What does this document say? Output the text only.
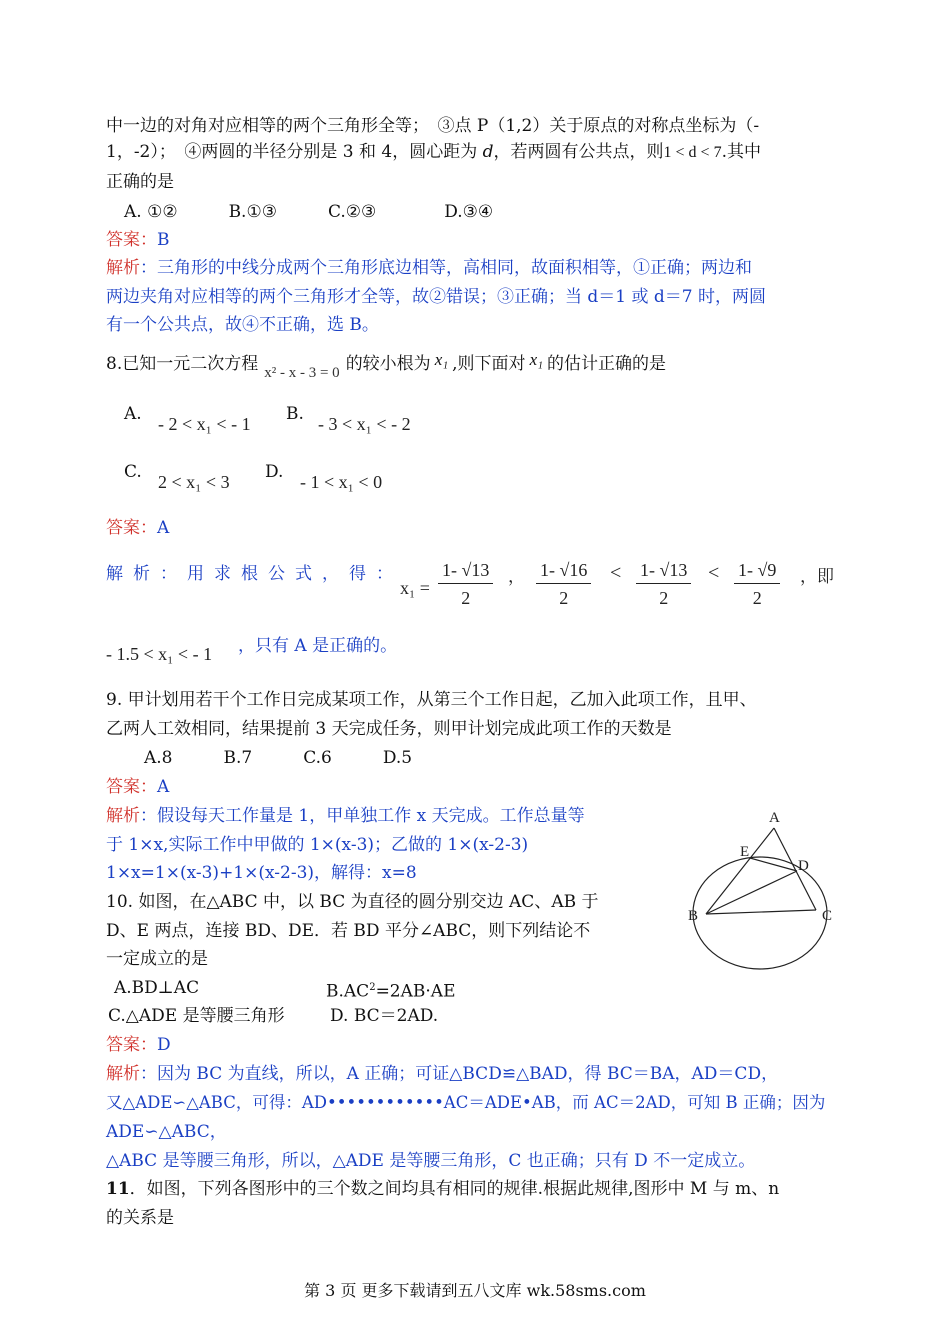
中一边的对角对应相等的两个三角形全等；　③点 P（1,2）关于原点的对称点坐标为（-
1，-2）；　④两圆的半径分别是 3 和 4，圆心距为 d，若两圆有公共点，则1 < d < 7.其中
正确的是
A. ①②　　　B.①③　　　C.②③　　　　D.③④
答案：B
解析：三角形的中线分成两个三角形底边相等，高相同，故面积相等，①正确；两边和
两边夹角对应相等的两个三角形才全等，故②错误；③正确；当 d＝1 或 d＝7 时，两圆
有一个公共点，故④不正确，选 B。
8.已知一元二次方程 x² - x - 3 = 0 的较小根为 x₁ ,则下面对 x₁ 的估计正确的是
A. - 2 < x₁ < - 1 B. - 3 < x₁ < - 2
C. 2 < x₁ < 3 D. - 1 < x₁ < 0
答案：A
解析：用求根公式，得：
$x_1 = \frac{1- √13}{2}$ ， $\frac{1- √16}{2} < \frac{1- √13}{2} < \frac{1- √9}{2}$ ，即
- 1.5 < x₁ < - 1 ，只有 A 是正确的。
9. 甲计划用若干个工作日完成某项工作，从第三个工作日起，乙加入此项工作，且甲、
乙两人工效相同，结果提前 3 天完成任务，则甲计划完成此项工作的天数是
A.8　　　B.7　　　C.6　　　D.5
答案：A
解析：假设每天工作量是 1，甲单独工作 x 天完成。工作总量等
于 1×x,实际工作中甲做的 1×(x-3)；乙做的 1×(x-2-3)
1×x=1×(x-3)+1×(x-2-3)，解得：x=8
10. 如图，在△ABC 中，以 BC 为直径的圆分别交边 AC、AB 于
D、E 两点，连接 BD、DE．若 BD 平分∠ABC，则下列结论不
一定成立的是
A.BD⊥AC	$B.AC^2=2AB\cdot AE$
C.△ADE 是等腰三角形	D. BC＝2AD.
答案：D
解析：因为 BC 为直线，所以，A 正确；可证△BCD≌△BAD，得 BC＝BA，AD＝CD，
又△ADE∽△ABC，可得：AD••••••••••••AC＝ADE•AB，而 AC＝2AD，可知 B 正确；因为
ADE∽△ABC，
△ABC 是等腰三角形，所以，△ADE 是等腰三角形，C 也正确；只有 D 不一定成立。
A
E
D
B	C
11．如图，下列各图形中的三个数之间均具有相同的规律.根据此规律,图形中 M 与 m、n
的关系是
第 3 页 更多下载请到五八文库 wk.58sms.com
